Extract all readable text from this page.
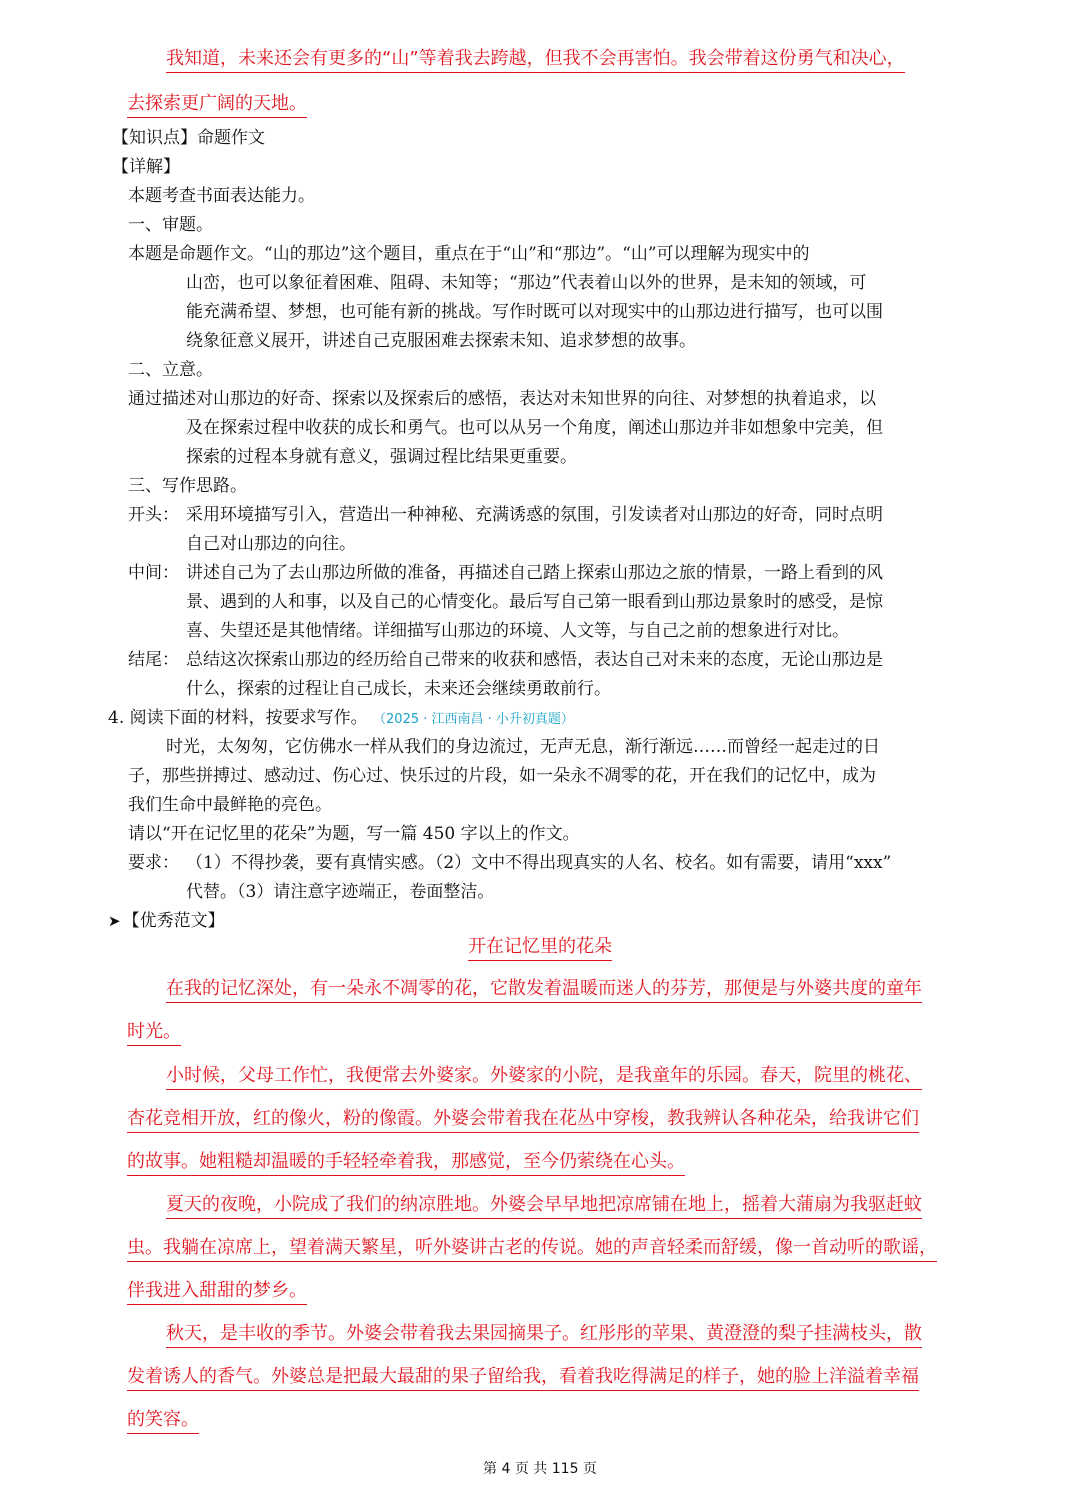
我知道，未来还会有更多的“山”等着我去跨越，但我不会再害怕。我会带着这份勇气和决心，
去探索更广阔的天地。
【知识点】命题作文
【详解】
本题考查书面表达能力。
一、审题。
本题是命题作文。“山的那边”这个题目，重点在于“山”和“那边”。“山”可以理解为现实中的
山峦，也可以象征着困难、阻碍、未知等；“那边”代表着山以外的世界，是未知的领域，可
能充满希望、梦想，也可能有新的挑战。写作时既可以对现实中的山那边进行描写，也可以围
绕象征意义展开，讲述自己克服困难去探索未知、追求梦想的故事。
二、立意。
通过描述对山那边的好奇、探索以及探索后的感悟，表达对未知世界的向往、对梦想的执着追求，以
及在探索过程中收获的成长和勇气。也可以从另一个角度，阐述山那边并非如想象中完美，但
探索的过程本身就有意义，强调过程比结果更重要。
三、写作思路。
开头： 采用环境描写引入，营造出一种神秘、充满诱惑的氛围，引发读者对山那边的好奇，同时点明
自己对山那边的向往。
中间： 讲述自己为了去山那边所做的准备，再描述自己踏上探索山那边之旅的情景，一路上看到的风
景、遇到的人和事，以及自己的心情变化。最后写自己第一眼看到山那边景象时的感受，是惊
喜、失望还是其他情绪。详细描写山那边的环境、人文等，与自己之前的想象进行对比。
结尾： 总结这次探索山那边的经历给自己带来的收获和感悟，表达自己对未来的态度，无论山那边是
什么，探索的过程让自己成长，未来还会继续勇敢前行。
4. 阅读下面的材料，按要求写作。 （2025 · 江西南昌 · 小升初真题）
时光，太匆匆，它仿佛水一样从我们的身边流过，无声无息，渐行渐远……而曾经一起走过的日
子，那些拼搏过、感动过、伤心过、快乐过的片段，如一朵永不凋零的花，开在我们的记忆中，成为
我们生命中最鲜艳的亮色。
请以“开在记忆里的花朵”为题，写一篇 450 字以上的作文。
要求： （1）不得抄袭，要有真情实感。（2）文中不得出现真实的人名、校名。如有需要，请用“xxx”
代替。（3）请注意字迹端正，卷面整洁。
➤ 【优秀范文】
开在记忆里的花朵
在我的记忆深处，有一朵永不凋零的花，它散发着温暖而迷人的芬芳，那便是与外婆共度的童年
时光。
小时候，父母工作忙，我便常去外婆家。外婆家的小院，是我童年的乐园。春天，院里的桃花、
杏花竞相开放，红的像火，粉的像霞。外婆会带着我在花丛中穿梭，教我辨认各种花朵，给我讲它们
的故事。她粗糙却温暖的手轻轻牵着我，那感觉，至今仍萦绕在心头。
夏天的夜晚，小院成了我们的纳凉胜地。外婆会早早地把凉席铺在地上，摇着大蒲扇为我驱赶蚊
虫。我躺在凉席上，望着满天繁星，听外婆讲古老的传说。她的声音轻柔而舒缓，像一首动听的歌谣，
伴我进入甜甜的梦乡。
秋天，是丰收的季节。外婆会带着我去果园摘果子。红彤彤的苹果、黄澄澄的梨子挂满枝头，散
发着诱人的香气。外婆总是把最大最甜的果子留给我，看着我吃得满足的样子，她的脸上洋溢着幸福
的笑容。
第 4 页 共 115 页
